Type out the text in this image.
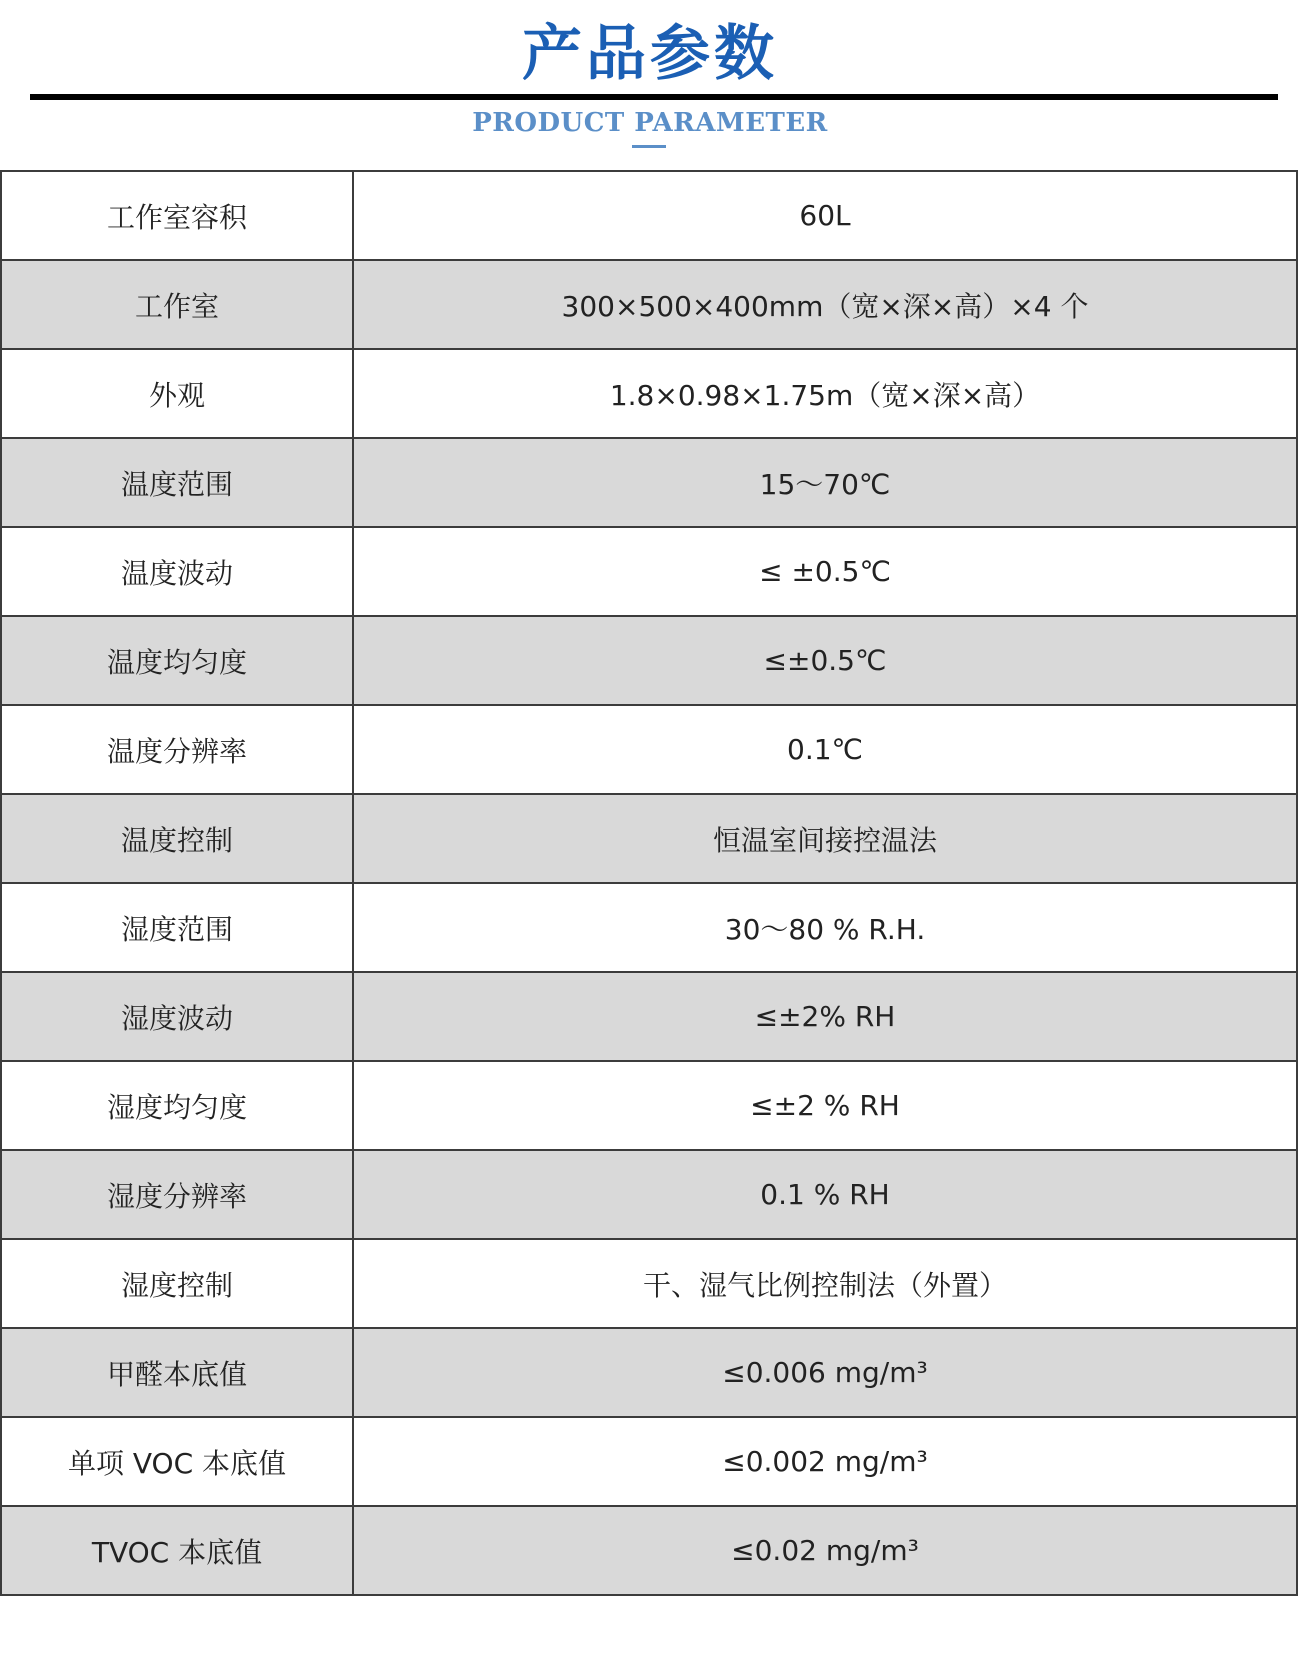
产品参数
PRODUCT PARAMETER
工作室容积	60L
工作室	300×500×400mm（宽×深×高）×4 个
外观	1.8×0.98×1.75m（宽×深×高）
温度范围	15～70℃
温度波动	≤ ±0.5℃
温度均匀度	≤±0.5℃
温度分辨率	0.1℃
温度控制	恒温室间接控温法
湿度范围	30～80 % R.H.
湿度波动	≤±2% RH
湿度均匀度	≤±2 % RH
湿度分辨率	0.1 % RH
湿度控制	干、湿气比例控制法（外置）
甲醛本底值	≤0.006 mg/m³
单项 VOC 本底值	≤0.002 mg/m³
TVOC 本底值	≤0.02 mg/m³
